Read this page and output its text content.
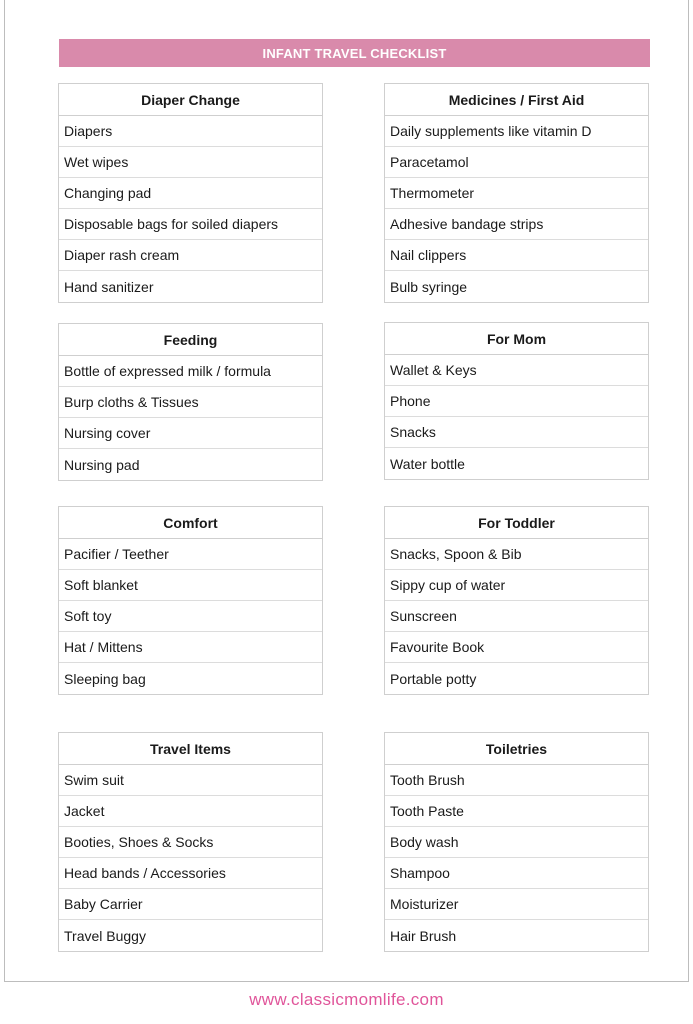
INFANT TRAVEL CHECKLIST
Diaper Change
Diapers
Wet wipes
Changing pad
Disposable bags for soiled diapers
Diaper rash cream
Hand sanitizer
Medicines / First Aid
Daily supplements like vitamin D
Paracetamol
Thermometer
Adhesive bandage strips
Nail clippers
Bulb syringe
Feeding
Bottle of expressed milk / formula
Burp cloths & Tissues
Nursing cover
Nursing pad
For Mom
Wallet & Keys
Phone
Snacks
Water bottle
Comfort
Pacifier / Teether
Soft blanket
Soft toy
Hat / Mittens
Sleeping bag
For Toddler
Snacks, Spoon & Bib
Sippy cup of water
Sunscreen
Favourite Book
Portable potty
Travel Items
Swim suit
Jacket
Booties, Shoes & Socks
Head bands / Accessories
Baby Carrier
Travel Buggy
Toiletries
Tooth Brush
Tooth Paste
Body wash
Shampoo
Moisturizer
Hair Brush
www.classicmomlife.com
